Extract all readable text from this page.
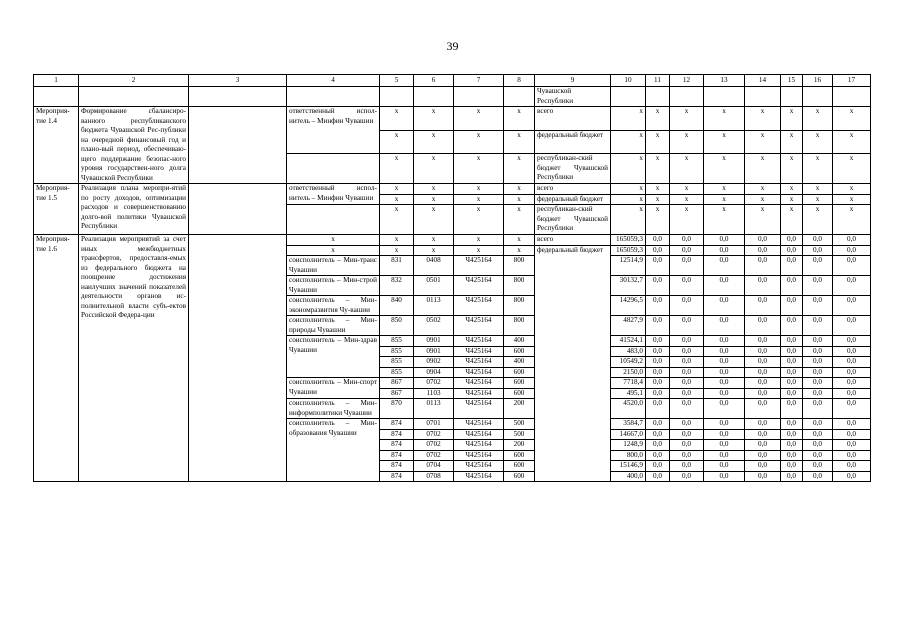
39
1	2	3	4	5	6	7	8	9	10	11	12	13	14	15	16	17
								Чувашской Республики								
Мероприя-тие 1.4	Формирование сбалансиро-ванного республиканского бюджета Чувашской Рес-публики на очередной финансовый год и плано-вый период, обеспечиваю-щего поддержание безопас-ного уровня государствен-ного долга Чувашской Республики		ответственный испол-нитель – Минфин Чувашии	x	x	x	x	всего	x	x	x	x	x	x	x	x
				x	x	x	x	федеральный бюджет	x	x	x	x	x	x	x	x
				x	x	x	x	республикан-ский бюджет Чувашской Республики	x	x	x	x	x	x	x	x
Мероприя-тие 1.5	Реализация плана меропри-ятий по росту доходов, оптимизации расходов и совершенствованию долго-вой политики Чувашской Республики		ответственный испол-нитель – Минфин Чувашии	x	x	x	x	всего	x	x	x	x	x	x	x	x
				x	x	x	x	федеральный бюджет	x	x	x	x	x	x	x	x
				x	x	x	x	республикан-ский бюджет Чувашской Республики	x	x	x	x	x	x	x	x
Мероприя-тие 1.6	Реализация мероприятий за счет иных межбюджетных трансфертов, предоставля-емых из федерального бюджета на поощрение достижения наилучших значений показателей деятельности органов ис-полнительной власти субъ-ектов Российской Федера-ции		x	x	x	x	x	всего	165059,3	0,0	0,0	0,0	0,0	0,0	0,0	0,0
			x	x	x	x	x	федеральный бюджет	165059,3	0,0	0,0	0,0	0,0	0,0	0,0	0,0
			соисполнитель – Мин-транс Чувашии	831	0408	Ч425164	800		12514,9	0,0	0,0	0,0	0,0	0,0	0,0	0,0
			соисполнитель – Мин-строй Чувашии	832	0501	Ч425164	800		30132,7	0,0	0,0	0,0	0,0	0,0	0,0	0,0
			соисполнитель – Мин-экономразвития Чу-вашии	840	0113	Ч425164	800		14296,5	0,0	0,0	0,0	0,0	0,0	0,0	0,0
			соисполнитель – Мин-природы Чувашии	850	0502	Ч425164	800		4827,9	0,0	0,0	0,0	0,0	0,0	0,0	0,0
			соисполнитель – Мин-здрав Чувашии	855	0901	Ч425164	400		41524,1	0,0	0,0	0,0	0,0	0,0	0,0	0,0
				855	0901	Ч425164	600		483,0	0,0	0,0	0,0	0,0	0,0	0,0	0,0
				855	0902	Ч425164	400		10549,2	0,0	0,0	0,0	0,0	0,0	0,0	0,0
				855	0904	Ч425164	600		2150,0	0,0	0,0	0,0	0,0	0,0	0,0	0,0
			соисполнитель – Мин-спорт Чувашии	867	0702	Ч425164	600		7718,4	0,0	0,0	0,0	0,0	0,0	0,0	0,0
				867	1103	Ч425164	600		495,1	0,0	0,0	0,0	0,0	0,0	0,0	0,0
			соисполнитель – Мин-информполитики Чувашии	870	0113	Ч425164	200		4520,0	0,0	0,0	0,0	0,0	0,0	0,0	0,0
			соисполнитель – Мин-образования Чувашии	874	0701	Ч425164	500		3584,7	0,0	0,0	0,0	0,0	0,0	0,0	0,0
				874	0702	Ч425164	500		14667,0	0,0	0,0	0,0	0,0	0,0	0,0	0,0
				874	0702	Ч425164	200		1248,9	0,0	0,0	0,0	0,0	0,0	0,0	0,0
				874	0702	Ч425164	600		800,0	0,0	0,0	0,0	0,0	0,0	0,0	0,0
				874	0704	Ч425164	600		15146,9	0,0	0,0	0,0	0,0	0,0	0,0	0,0
				874	0708	Ч425164	600		400,0	0,0	0,0	0,0	0,0	0,0	0,0	0,0
